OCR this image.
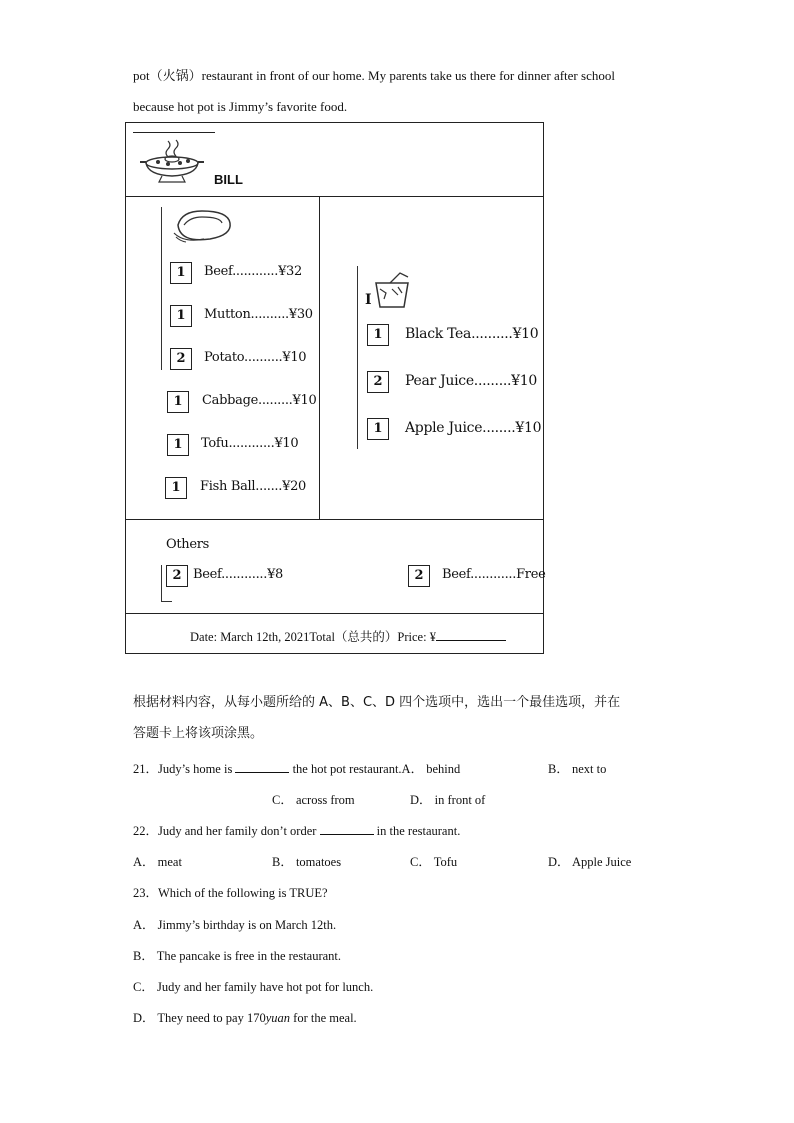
pot（火锅）restaurant in front of our home. My parents take us there for dinner after school
because hot pot is Jimmy’s favorite food.
BILL
I
Others
Date: March 12th, 2021Total（总共的）Price: ¥
1	Beef............¥32
1	Mutton..........¥30
2	Potato..........¥10
1	Cabbage.........¥10
1	Tofu............¥10
1	Fish Ball.......¥20
1	Black Tea..........¥10
2	Pear Juice.........¥10
1	Apple Juice........¥10
2 Beef............¥8	2	Beef............Free
根据材料内容，从每小题所给的 A、B、C、D 四个选项中，选出一个最佳选项，并在
答题卡上将该项涂黑。
21．Judy’s home is	the hot pot restaurant.A． behind	B． next to
C． across from	D． in front of
22．Judy and her family don’t order	in the restaurant.
A． meat	B． tomatoes	C． Tofu	D． Apple Juice
23．Which of the following is TRUE?
A． Jimmy’s birthday is on March 12th.
B． The pancake is free in the restaurant.
C． Judy and her family have hot pot for lunch.
D． They need to pay 170yuan for the meal.
